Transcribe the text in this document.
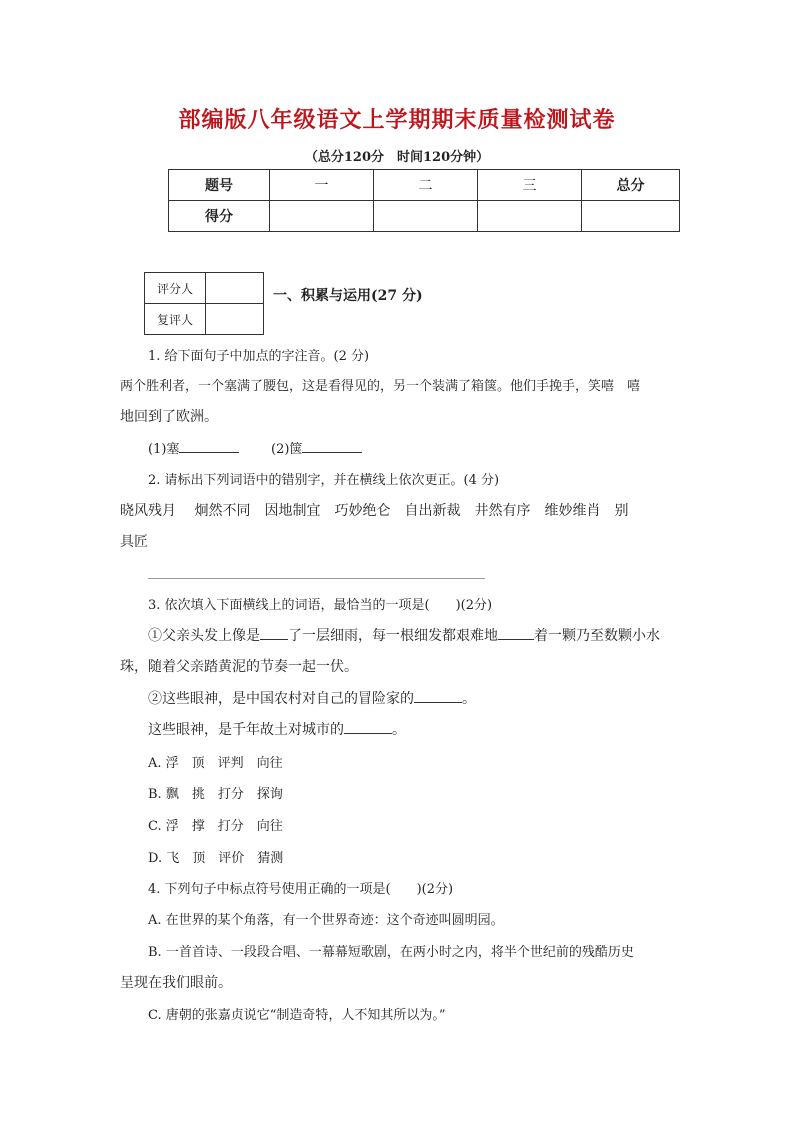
部编版八年级语文上学期期末质量检测试卷
（总分120分　时间120分钟）
题号	一	二	三	总分
得分				
评分人	
复评人	
一、积累与运用(27 分)
1. 给下面句子中加点的字注音。(2 分)
两个胜利者，一个塞满了腰包，这是看得见的，另一个装满了箱箧。他们手挽手，笑嘻　嘻
地回到了欧洲。
(1)塞	(2)箧
2. 请标出下列词语中的错别字，并在横线上依次更正。(4 分)
晓风残月　 炯然不同　因地制宜　巧妙绝仑　自出新裁　井然有序　维妙维肖　别
具匠
3. 依次填入下面横线上的词语，最恰当的一项是(　　)(2分)
①父亲头发上像是 了一层细雨，每一根细发都艰难地	着一颗乃至数颗小水
珠，随着父亲踏黄泥的节奏一起一伏。
②这些眼神，是中国农村对自己的冒险家的	。
这些眼神，是千年故土对城市的	。
A. 浮　顶　评判　向往
B. 飘　挑　打分　探询
C. 浮　撑　打分　向往
D. 飞　顶　评价　猜测
4. 下列句子中标点符号使用正确的一项是(　　)(2分)
A. 在世界的某个角落，有一个世界奇迹：这个奇迹叫圆明园。
B. 一首首诗、一段段合唱、一幕幕短歌剧，在两小时之内，将半个世纪前的残酷历史
呈现在我们眼前。
C. 唐朝的张嘉贞说它“制造奇特，人不知其所以为。”
